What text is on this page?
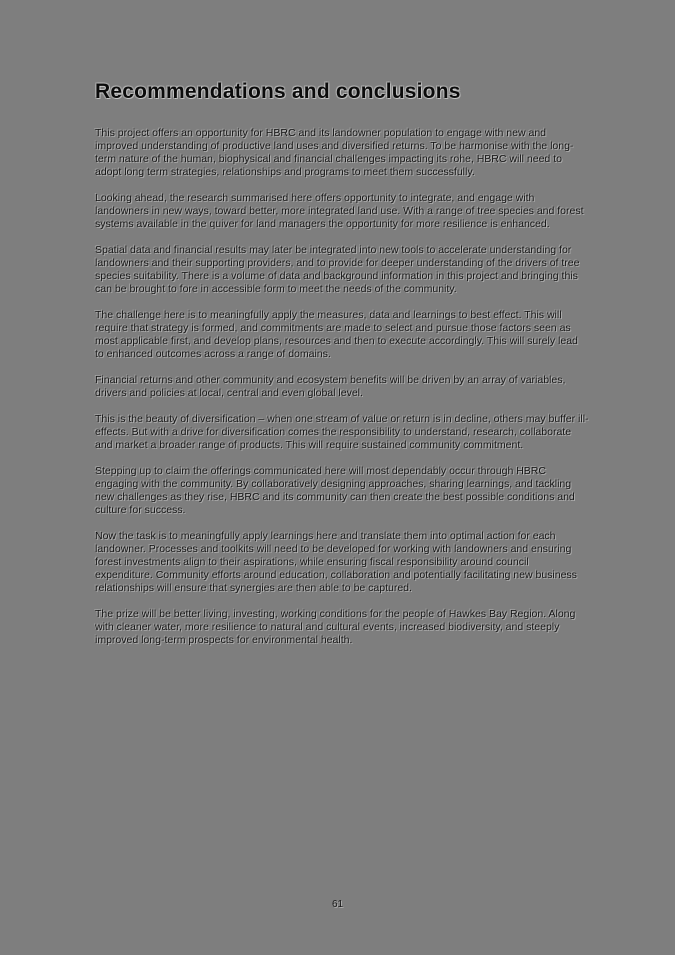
Recommendations and conclusions

This project offers an opportunity for HBRC and its landowner population to engage with new and improved understanding of productive land uses and diversified returns. To be harmonise with the long-term nature of the human, biophysical and financial challenges impacting its rohe, HBRC will need to adopt long term strategies, relationships and programs to meet them successfully.

Looking ahead, the research summarised here offers opportunity to integrate, and engage with landowners in new ways, toward better, more integrated land use. With a range of tree species and forest systems available in the quiver for land managers the opportunity for more resilience is enhanced.

Spatial data and financial results may later be integrated into new tools to accelerate understanding for landowners and their supporting providers, and to provide for deeper understanding of the drivers of tree species suitability. There is a volume of data and background information in this project and bringing this can be brought to fore in accessible form to meet the needs of the community.

The challenge here is to meaningfully apply the measures, data and learnings to best effect. This will require that strategy is formed, and commitments are made to select and pursue those factors seen as most applicable first, and develop plans, resources and then to execute accordingly. This will surely lead to enhanced outcomes across a range of domains.

Financial returns and other community and ecosystem benefits will be driven by an array of variables, drivers and policies at local, central and even global level.

This is the beauty of diversification – when one stream of value or return is in decline, others may buffer ill-effects. But with a drive for diversification comes the responsibility to understand, research, collaborate and market a broader range of products. This will require sustained community commitment.

Stepping up to claim the offerings communicated here will most dependably occur through HBRC engaging with the community. By collaboratively designing approaches, sharing learnings, and tackling new challenges as they rise, HBRC and its community can then create the best possible conditions and culture for success.

Now the task is to meaningfully apply learnings here and translate them into optimal action for each landowner. Processes and toolkits will need to be developed for working with landowners and ensuring forest investments align to their aspirations, while ensuring fiscal responsibility around council expenditure. Community efforts around education, collaboration and potentially facilitating new business relationships will ensure that synergies are then able to be captured.

The prize will be better living, investing, working conditions for the people of Hawkes Bay Region. Along with cleaner water, more resilience to natural and cultural events, increased biodiversity, and steeply improved long-term prospects for environmental health.

61
